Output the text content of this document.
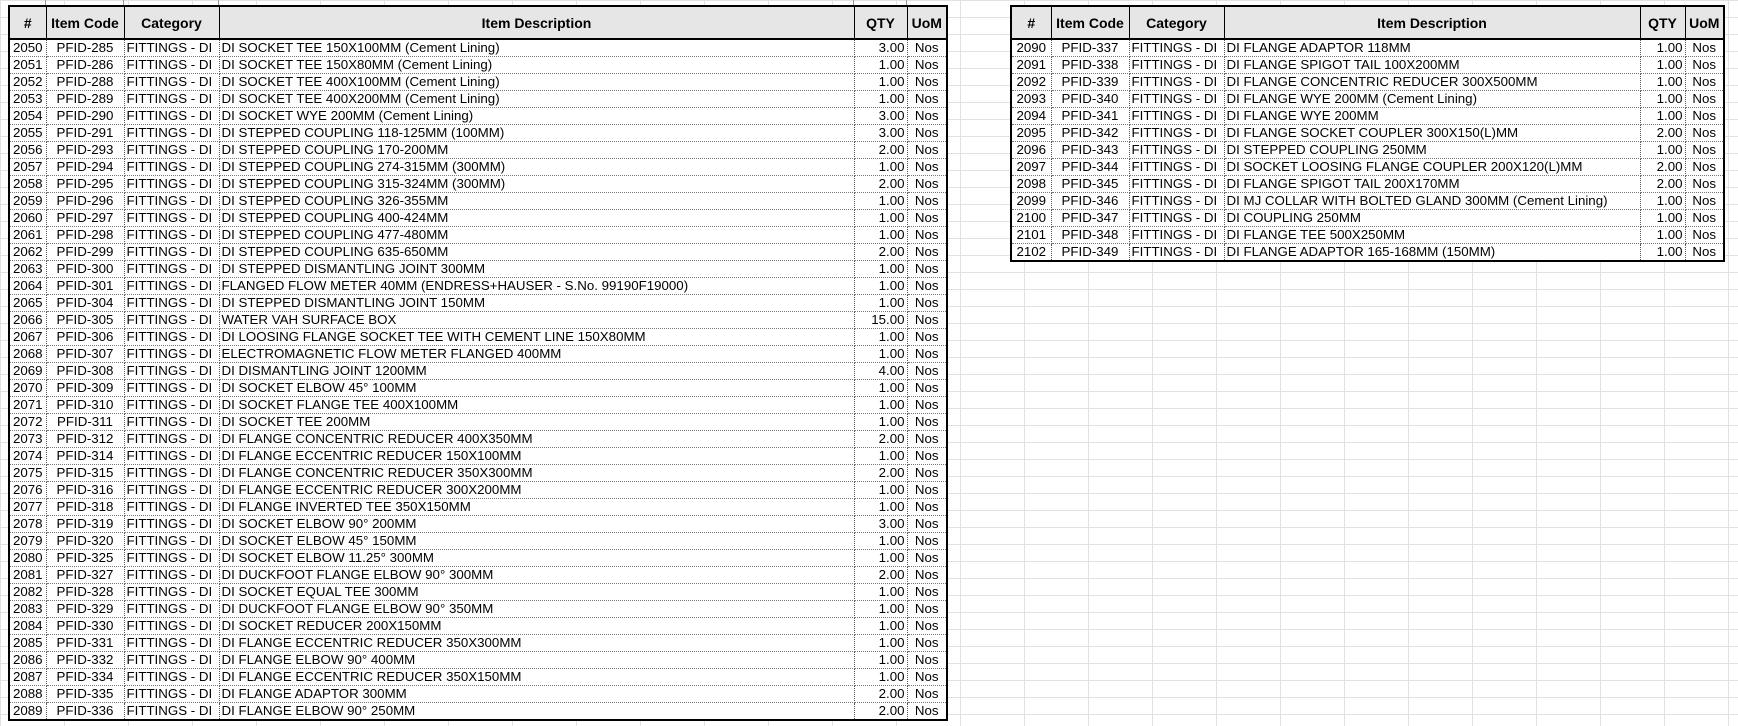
#	Item Code	Category	Item Description	QTY	UoM
2050	PFID-285	FITTINGS - DI	DI SOCKET TEE 150X100MM (Cement Lining)	3.00	Nos
2051	PFID-286	FITTINGS - DI	DI SOCKET TEE 150X80MM (Cement Lining)	1.00	Nos
2052	PFID-288	FITTINGS - DI	DI SOCKET TEE 400X100MM (Cement Lining)	1.00	Nos
2053	PFID-289	FITTINGS - DI	DI SOCKET TEE 400X200MM (Cement Lining)	1.00	Nos
2054	PFID-290	FITTINGS - DI	DI SOCKET WYE 200MM (Cement Lining)	3.00	Nos
2055	PFID-291	FITTINGS - DI	DI STEPPED COUPLING 118-125MM (100MM)	3.00	Nos
2056	PFID-293	FITTINGS - DI	DI STEPPED COUPLING 170-200MM	2.00	Nos
2057	PFID-294	FITTINGS - DI	DI STEPPED COUPLING 274-315MM (300MM)	1.00	Nos
2058	PFID-295	FITTINGS - DI	DI STEPPED COUPLING 315-324MM (300MM)	2.00	Nos
2059	PFID-296	FITTINGS - DI	DI STEPPED COUPLING 326-355MM	1.00	Nos
2060	PFID-297	FITTINGS - DI	DI STEPPED COUPLING 400-424MM	1.00	Nos
2061	PFID-298	FITTINGS - DI	DI STEPPED COUPLING 477-480MM	1.00	Nos
2062	PFID-299	FITTINGS - DI	DI STEPPED COUPLING 635-650MM	2.00	Nos
2063	PFID-300	FITTINGS - DI	DI STEPPED DISMANTLING JOINT 300MM	1.00	Nos
2064	PFID-301	FITTINGS - DI	FLANGED FLOW METER 40MM (ENDRESS+HAUSER - S.No. 99190F19000)	1.00	Nos
2065	PFID-304	FITTINGS - DI	DI STEPPED DISMANTLING JOINT 150MM	1.00	Nos
2066	PFID-305	FITTINGS - DI	WATER VAH SURFACE BOX	15.00	Nos
2067	PFID-306	FITTINGS - DI	DI LOOSING FLANGE SOCKET TEE WITH CEMENT LINE 150X80MM	1.00	Nos
2068	PFID-307	FITTINGS - DI	ELECTROMAGNETIC FLOW METER FLANGED 400MM	1.00	Nos
2069	PFID-308	FITTINGS - DI	DI DISMANTLING JOINT 1200MM	4.00	Nos
2070	PFID-309	FITTINGS - DI	DI SOCKET ELBOW 45° 100MM	1.00	Nos
2071	PFID-310	FITTINGS - DI	DI SOCKET FLANGE TEE 400X100MM	1.00	Nos
2072	PFID-311	FITTINGS - DI	DI SOCKET TEE 200MM	1.00	Nos
2073	PFID-312	FITTINGS - DI	DI FLANGE CONCENTRIC REDUCER 400X350MM	2.00	Nos
2074	PFID-314	FITTINGS - DI	DI FLANGE ECCENTRIC REDUCER 150X100MM	1.00	Nos
2075	PFID-315	FITTINGS - DI	DI FLANGE CONCENTRIC REDUCER 350X300MM	2.00	Nos
2076	PFID-316	FITTINGS - DI	DI FLANGE ECCENTRIC REDUCER 300X200MM	1.00	Nos
2077	PFID-318	FITTINGS - DI	DI FLANGE INVERTED TEE 350X150MM	1.00	Nos
2078	PFID-319	FITTINGS - DI	DI SOCKET ELBOW 90° 200MM	3.00	Nos
2079	PFID-320	FITTINGS - DI	DI SOCKET ELBOW 45° 150MM	1.00	Nos
2080	PFID-325	FITTINGS - DI	DI SOCKET ELBOW 11.25° 300MM	1.00	Nos
2081	PFID-327	FITTINGS - DI	DI DUCKFOOT FLANGE ELBOW 90° 300MM	2.00	Nos
2082	PFID-328	FITTINGS - DI	DI SOCKET EQUAL TEE 300MM	1.00	Nos
2083	PFID-329	FITTINGS - DI	DI DUCKFOOT FLANGE ELBOW 90° 350MM	1.00	Nos
2084	PFID-330	FITTINGS - DI	DI SOCKET REDUCER 200X150MM	1.00	Nos
2085	PFID-331	FITTINGS - DI	DI FLANGE ECCENTRIC REDUCER 350X300MM	1.00	Nos
2086	PFID-332	FITTINGS - DI	DI FLANGE ELBOW 90° 400MM	1.00	Nos
2087	PFID-334	FITTINGS - DI	DI FLANGE ECCENTRIC REDUCER 350X150MM	1.00	Nos
2088	PFID-335	FITTINGS - DI	DI FLANGE ADAPTOR 300MM	2.00	Nos
2089	PFID-336	FITTINGS - DI	DI FLANGE ELBOW 90° 250MM	2.00	Nos
#	Item Code	Category	Item Description	QTY	UoM
2090	PFID-337	FITTINGS - DI	DI FLANGE ADAPTOR 118MM	1.00	Nos
2091	PFID-338	FITTINGS - DI	DI FLANGE SPIGOT TAIL 100X200MM	1.00	Nos
2092	PFID-339	FITTINGS - DI	DI FLANGE CONCENTRIC REDUCER 300X500MM	1.00	Nos
2093	PFID-340	FITTINGS - DI	DI FLANGE WYE 200MM (Cement Lining)	1.00	Nos
2094	PFID-341	FITTINGS - DI	DI FLANGE WYE 200MM	1.00	Nos
2095	PFID-342	FITTINGS - DI	DI FLANGE SOCKET COUPLER 300X150(L)MM	2.00	Nos
2096	PFID-343	FITTINGS - DI	DI STEPPED COUPLING 250MM	1.00	Nos
2097	PFID-344	FITTINGS - DI	DI SOCKET LOOSING FLANGE COUPLER 200X120(L)MM	2.00	Nos
2098	PFID-345	FITTINGS - DI	DI FLANGE SPIGOT TAIL 200X170MM	2.00	Nos
2099	PFID-346	FITTINGS - DI	DI MJ COLLAR WITH BOLTED GLAND 300MM (Cement Lining)	1.00	Nos
2100	PFID-347	FITTINGS - DI	DI COUPLING 250MM	1.00	Nos
2101	PFID-348	FITTINGS - DI	DI FLANGE TEE 500X250MM	1.00	Nos
2102	PFID-349	FITTINGS - DI	DI FLANGE ADAPTOR 165-168MM (150MM)	1.00	Nos
